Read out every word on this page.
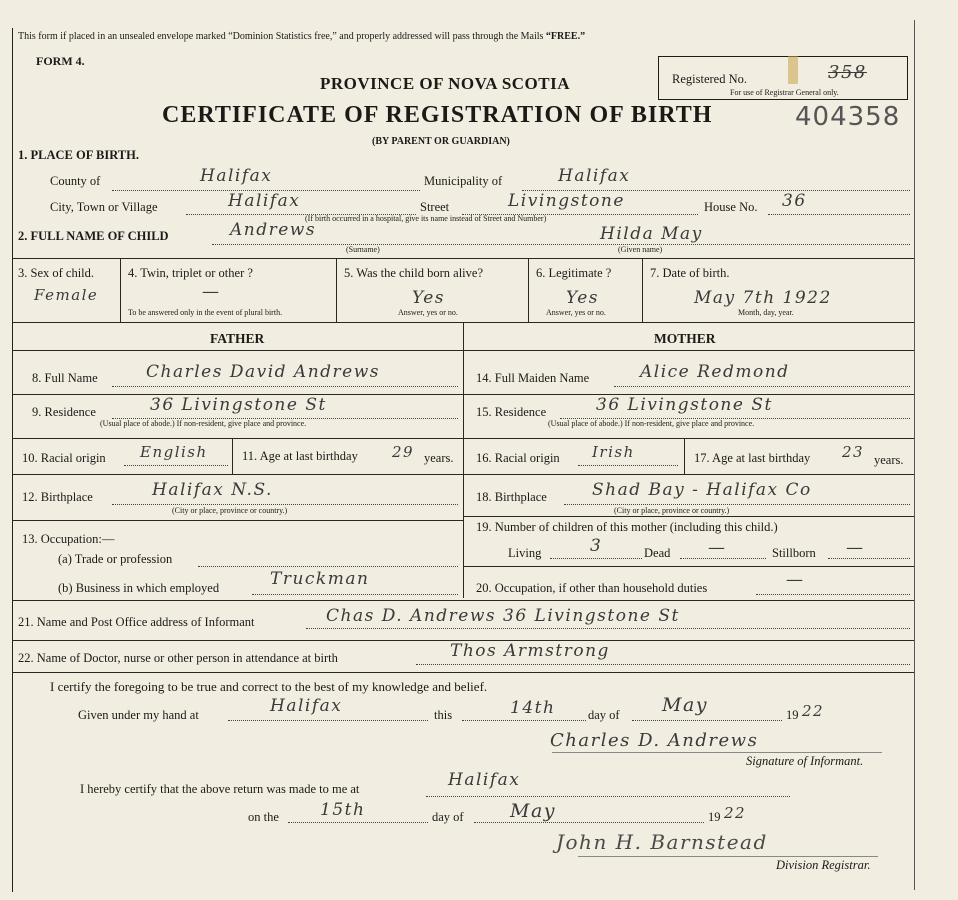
This form if placed in an unsealed envelope marked “Dominion Statistics free,” and properly addressed will pass through the Mails “FREE.”
FORM 4.
PROVINCE OF NOVA SCOTIA
CERTIFICATE OF REGISTRATION OF BIRTH
(BY PARENT OR GUARDIAN)
Registered No.	358
For use of Registrar General only.
404358
1. PLACE OF BIRTH.
County of	Halifax	Municipality of	Halifax
City, Town or Village	Halifax	Street	Livingstone	House No. 36
(If birth occurred in a hospital, give its name instead of Street and Number)
2. FULL NAME OF CHILD	Andrews
(Surname)
Hilda May
(Given name)
3. Sex of child.
Female
4. Twin, triplet or other ?
—
To be answered only in the event of plural birth.
5. Was the child born alive?
Yes
Answer, yes or no.
6. Legitimate ?
Yes
Answer, yes or no.
7. Date of birth.
May 7th 1922
Month, day, year.
FATHER	MOTHER
8. Full Name	Charles David Andrews
9. Residence	36 Livingstone St
(Usual place of abode.) If non-resident, give place and province.
10. Racial origin English	11. Age at last birthday 29 years.
12. Birthplace	Halifax N.S.
(City or place, province or country.)
13. Occupation:—
(a) Trade or profession
(b) Business in which employed	Truckman
14. Full Maiden Name	Alice Redmond
15. Residence	36 Livingstone St
(Usual place of abode.) If non-resident, give place and province.
16. Racial origin Irish	17. Age at last birthday 23 years.
18. Birthplace	Shad Bay - Halifax Co
(City or place, province or country.)
19. Number of children of this mother (including this child.)
Living	3	Dead —	Stillborn —
20. Occupation, if other than household duties	—
21. Name and Post Office address of Informant	Chas D. Andrews 36 Livingstone St
22. Name of Doctor, nurse or other person in attendance at birth	Thos Armstrong
I certify the foregoing to be true and correct to the best of my knowledge and belief.
Given under my hand at	Halifax	this	14th	day of May	19 22
Charles D. Andrews
Signature of Informant.
I hereby certify that the above return was made to me at	Halifax
on the 15th	day of May	19 22
John H. Barnstead
Division Registrar.
